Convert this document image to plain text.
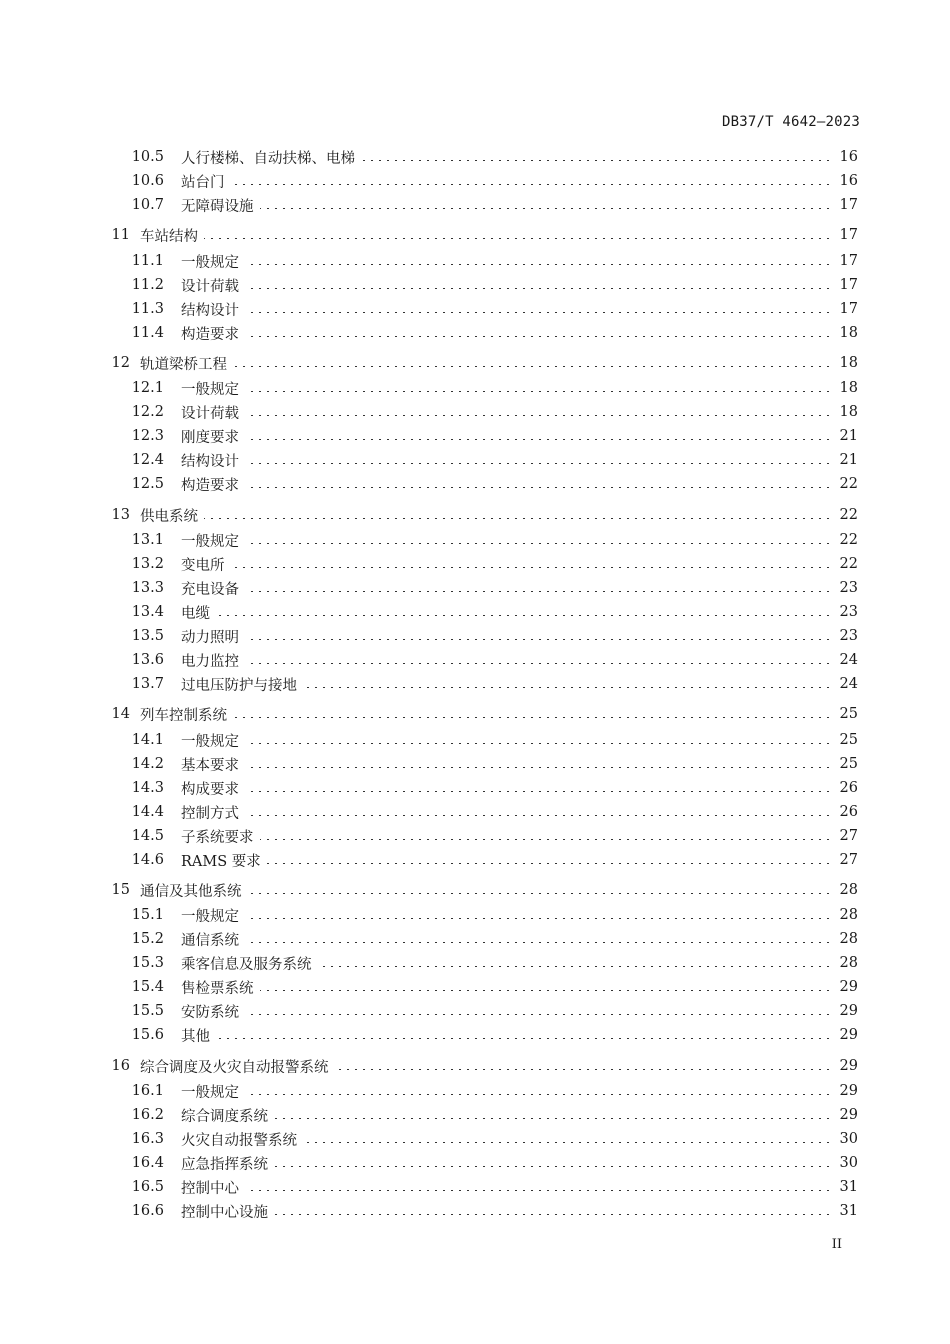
DB37/T 4642—2023
10.5 人行楼梯、自动扶梯、电梯	16
10.6 站台门	16
10.7 无障碍设施	17
11 车站结构	17
11.1 一般规定	17
11.2 设计荷载	17
11.3 结构设计	17
11.4 构造要求	18
12 轨道梁桥工程	18
12.1 一般规定	18
12.2 设计荷载	18
12.3 刚度要求	21
12.4 结构设计	21
12.5 构造要求	22
13 供电系统	22
13.1 一般规定	22
13.2 变电所	22
13.3 充电设备	23
13.4 电缆	23
13.5 动力照明	23
13.6 电力监控	24
13.7 过电压防护与接地	24
14 列车控制系统	25
14.1 一般规定	25
14.2 基本要求	25
14.3 构成要求	26
14.4 控制方式	26
14.5 子系统要求	27
14.6 RAMS 要求	27
15 通信及其他系统	28
15.1 一般规定	28
15.2 通信系统	28
15.3 乘客信息及服务系统	28
15.4 售检票系统	29
15.5 安防系统	29
15.6 其他	29
16 综合调度及火灾自动报警系统	29
16.1 一般规定	29
16.2 综合调度系统	29
16.3 火灾自动报警系统	30
16.4 应急指挥系统	30
16.5 控制中心	31
16.6 控制中心设施	31
II
